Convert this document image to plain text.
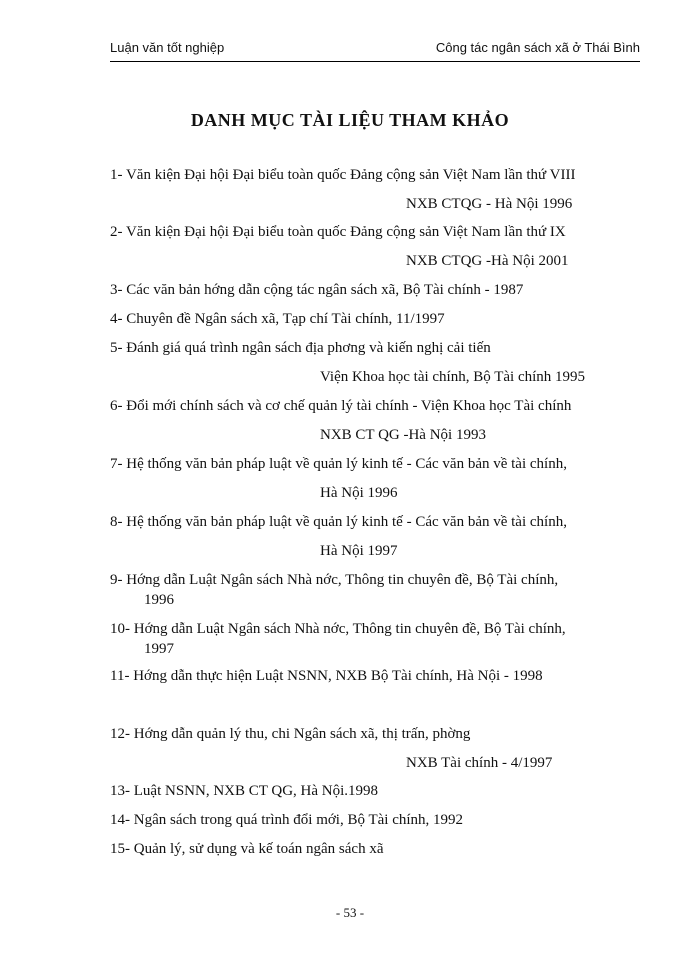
Luận văn tốt nghiệp	Công tác ngân sách xã ở Thái Bình
DANH MỤC TÀI LIỆU THAM KHẢO
1- Văn kiện Đại hội Đại biểu toàn quốc Đảng cộng sản Việt Nam lần thứ VIII
NXB CTQG - Hà Nội 1996
2- Văn kiện Đại hội Đại biểu toàn quốc Đảng cộng sản Việt Nam lần thứ IX
NXB CTQG -Hà Nội 2001
3- Các văn bản hớng dẫn cộng tác ngân sách xã, Bộ Tài chính - 1987
4- Chuyên đề Ngân sách xã, Tạp chí Tài chính, 11/1997
5- Đánh giá quá trình ngân sách địa phơng và kiến nghị cải tiến
Viện Khoa học tài chính, Bộ Tài chính 1995
6- Đổi mới chính sách và cơ chế quản lý tài chính - Viện Khoa học Tài chính
NXB CT QG -Hà Nội 1993
7- Hệ thống văn bản pháp luật về quản lý kinh tế - Các văn bản về tài chính,
Hà Nội 1996
8- Hệ thống văn bản pháp luật về quản lý kinh tế - Các văn bản về tài chính,
Hà Nội 1997
9- Hớng dẫn Luật Ngân sách Nhà nớc, Thông tin chuyên đề, Bộ Tài chính,
1996
10- Hớng dẫn Luật Ngân sách Nhà nớc, Thông tin chuyên đề, Bộ Tài chính,
1997
11- Hớng dẫn thực hiện Luật NSNN, NXB Bộ Tài chính, Hà Nội - 1998
12- Hớng dẫn quản lý thu, chi Ngân sách xã, thị trấn, phờng
NXB Tài chính - 4/1997
13- Luật NSNN, NXB CT QG, Hà Nội.1998
14- Ngân sách trong quá trình đổi mới, Bộ Tài chính, 1992
15- Quản lý, sử dụng và kế toán ngân sách xã
- 53 -
